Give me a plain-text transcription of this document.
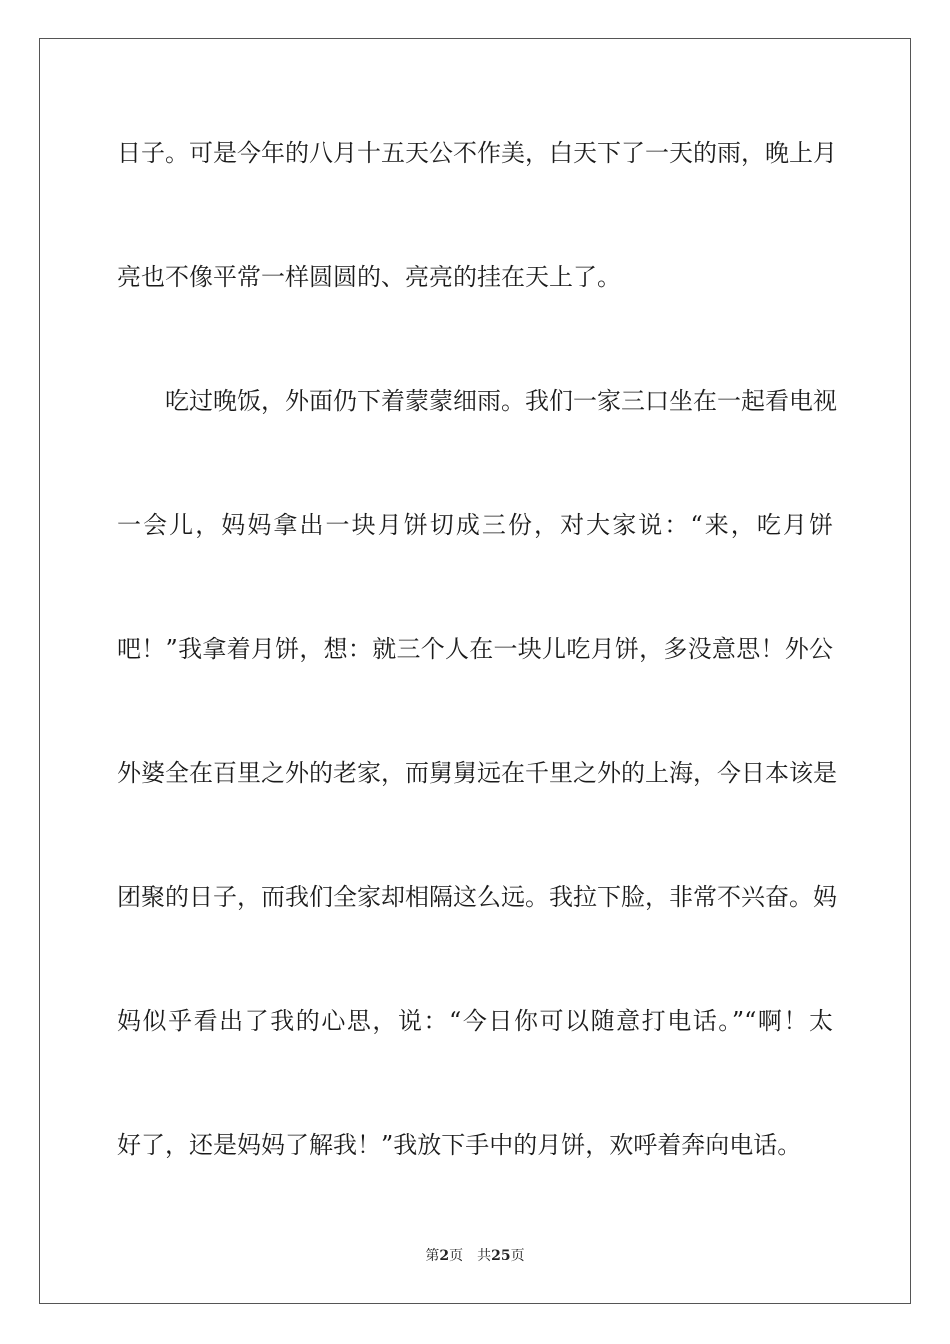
日子。可是今年的八月十五天公不作美，白天下了一天的雨，晚上月
亮也不像平常一样圆圆的、亮亮的挂在天上了。
吃过晚饭，外面仍下着蒙蒙细雨。我们一家三口坐在一起看电视
一会儿，妈妈拿出一块月饼切成三份，对大家说：“来，吃月饼
吧！”我拿着月饼，想：就三个人在一块儿吃月饼，多没意思！外公
外婆全在百里之外的老家，而舅舅远在千里之外的上海，今日本该是
团聚的日子，而我们全家却相隔这么远。我拉下脸，非常不兴奋。妈
妈似乎看出了我的心思，说：“今日你可以随意打电话。”“啊！太
好了，还是妈妈了解我！”我放下手中的月饼，欢呼着奔向电话。
第2页 共25页
